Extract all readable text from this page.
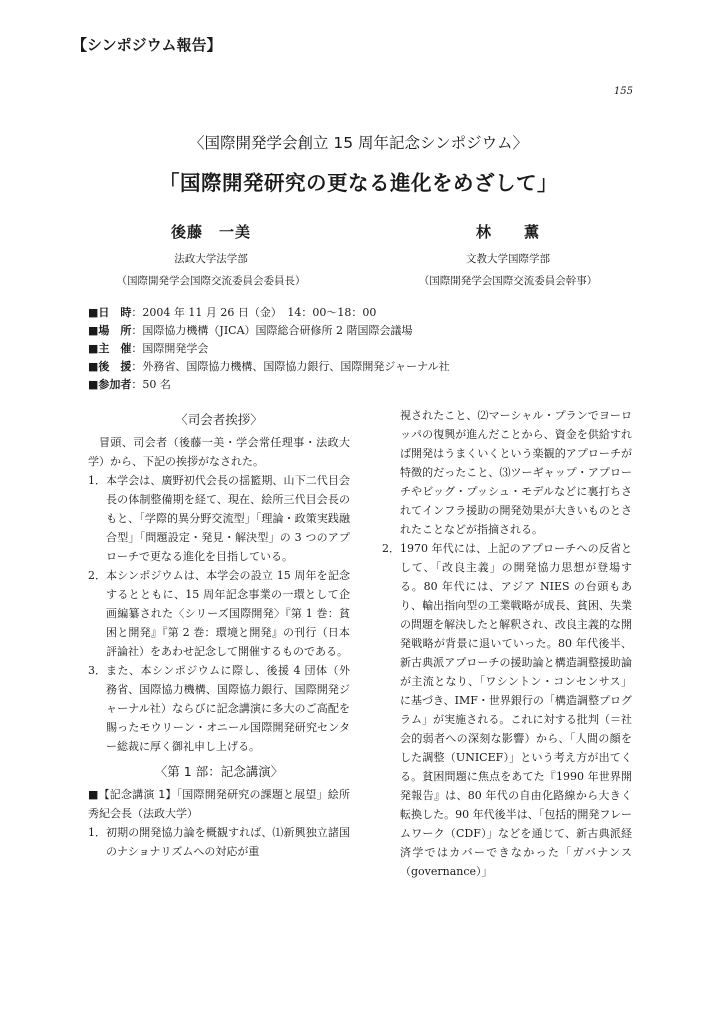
【シンポジウム報告】
155
〈国際開発学会創立 15 周年記念シンポジウム〉
「国際開発研究の更なる進化をめざして」
後藤　一美
法政大学法学部
（国際開発学会国際交流委員会委員長）
林　　薫
文教大学国際学部
（国際開発学会国際交流委員会幹事）
■日　時：2004 年 11 月 26 日（金）　14：00～18：00
■場　所：国際協力機構（JICA）国際総合研修所 2 階国際会議場
■主　催：国際開発学会
■後　援：外務省、国際協力機構、国際協力銀行、国際開発ジャーナル社
■参加者：50 名
〈司会者挨拶〉

冒頭、司会者（後藤一美・学会常任理事・法政大学）から、下記の挨拶がなされた。

1． 本学会は、廣野初代会長の揺籃期、山下二代目会長の体制整備期を経て、現在、絵所三代目会長のもと、「学際的異分野交流型」「理論・政策実践融合型」「問題設定・発見・解決型」の 3 つのアプローチで更なる進化を目指している。
2． 本シンポジウムは、本学会の設立 15 周年を記念するとともに、15 周年記念事業の一環として企画編纂された〈シリーズ国際開発〉『第 1 巻：貧困と開発』『第 2 巻：環境と開発』の刊行（日本評論社）をあわせ記念して開催するものである。
3． また、本シンポジウムに際し、後援 4 団体（外務省、国際協力機構、国際協力銀行、国際開発ジャーナル社）ならびに記念講演に多大のご高配を賜ったモウリーン・オニール国際開発研究センター総裁に厚く御礼申し上げる。
〈第 1 部：記念講演〉

■【記念講演 1】「国際開発研究の課題と展望」絵所秀紀会長（法政大学）

1． 初期の開発協力論を概観すれば、⑴新興独立諸国のナショナリズムへの対応が重
視されたこと、⑵マーシャル・プランでヨーロッパの復興が進んだことから、資金を供給すれば開発はうまくいくという楽観的アプローチが特徴的だったこと、⑶ツーギャップ・アプローチやビッグ・プッシュ・モデルなどに裏打ちされてインフラ援助の開発効果が大きいものとされたことなどが指摘される。
2． 1970 年代には、上記のアプローチへの反省として、「改良主義」の開発協力思想が登場する。80 年代には、アジア NIES の台頭もあり、輸出指向型の工業戦略が成長、貧困、失業の問題を解決したと解釈され、改良主義的な開発戦略が背景に退いていった。80 年代後半、新古典派アプローチの援助論と構造調整援助論が主流となり、「ワシントン・コンセンサス」に基づき、IMF・世界銀行の「構造調整プログラム」が実施される。これに対する批判（＝社会的弱者への深刻な影響）から、「人間の顔をした調整（UNICEF）」という考え方が出てくる。貧困問題に焦点をあてた『1990 年世界開発報告』は、80 年代の自由化路線から大きく転換した。90 年代後半は、「包括的開発フレームワーク（CDF）」などを通じて、新古典派経済学ではカバーできなかった「ガバナンス（governance）」
